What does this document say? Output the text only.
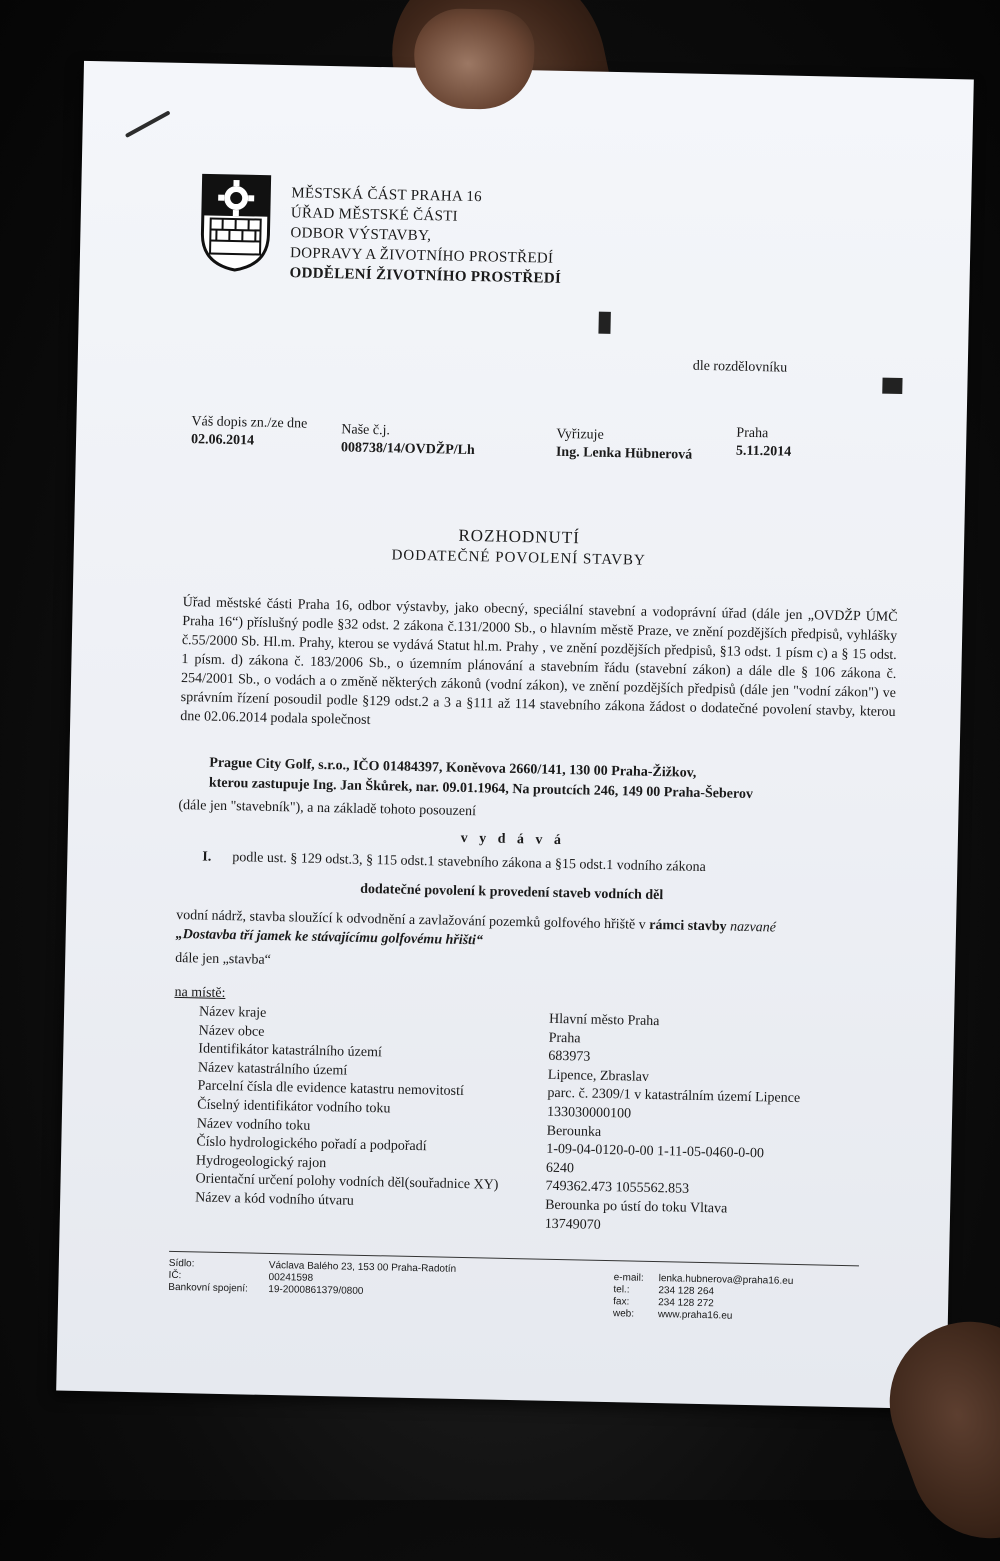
MĚSTSKÁ ČÁST PRAHA 16
ÚŘAD MĚSTSKÉ ČÁSTI
ODBOR VÝSTAVBY,
DOPRAVY A ŽIVOTNÍHO PROSTŘEDÍ
ODDĚLENÍ ŽIVOTNÍHO PROSTŘEDÍ
dle rozdělovníku
Váš dopis zn./ze dne
02.06.2014
Naše č.j.
008738/14/OVDŽP/Lh
Vyřizuje
Ing. Lenka Hübnerová
Praha
5.11.2014
ROZHODNUTÍ
DODATEČNÉ POVOLENÍ STAVBY
Úřad městské části Praha 16, odbor výstavby, jako obecný, speciální stavební a vodoprávní úřad (dále jen „OVDŽP ÚMČ Praha 16“) příslušný podle §32 odst. 2 zákona č.131/2000 Sb., o hlavním městě Praze, ve znění pozdějších předpisů, vyhlášky č.55/2000 Sb. Hl.m. Prahy, kterou se vydává Statut hl.m. Prahy , ve znění pozdějších předpisů, §13 odst. 1 písm c) a § 15 odst. 1 písm. d) zákona č. 183/2006 Sb., o územním plánování a stavebním řádu (stavební zákon) a dále dle § 106 zákona č. 254/2001 Sb., o vodách a o změně některých zákonů (vodní zákon), ve znění pozdějších předpisů (dále jen "vodní zákon") ve správním řízení posoudil podle §129 odst.2 a 3 a §111 až 114 stavebního zákona žádost o dodatečné povolení stavby, kterou dne 02.06.2014 podala společnost
Prague City Golf, s.r.o., IČO 01484397, Koněvova 2660/141, 130 00 Praha-Žižkov,
kterou zastupuje Ing. Jan Škůrek, nar. 09.01.1964, Na proutcích 246, 149 00 Praha-Šeberov
(dále jen "stavebník"), a na základě tohoto posouzení
v y d á v á
I. podle ust. § 129 odst.3, § 115 odst.1 stavebního zákona a §15 odst.1 vodního zákona
dodatečné povolení k provedení staveb vodních děl
vodní nádrž, stavba sloužící k odvodnění a zavlažování pozemků golfového hřiště v rámci stavby nazvané
„Dostavba tří jamek ke stávajícímu golfovému hřišti“
dále jen „stavba“
na místě:
Název kraje
Název obce
Identifikátor katastrálního území
Název katastrálního území
Parcelní čísla dle evidence katastru nemovitostí
Číselný identifikátor vodního toku
Název vodního toku
Číslo hydrologického pořadí a podpořadí
Hydrogeologický rajon
Orientační určení polohy vodních děl(souřadnice XY)
Název a kód vodního útvaru
Hlavní město Praha
Praha
683973
Lipence, Zbraslav
parc. č. 2309/1 v katastrálním území Lipence
133030000100
Berounka
1-09-04-0120-0-00 1-11-05-0460-0-00
6240
749362.473 1055562.853
Berounka po ústí do toku Vltava
13749070
Sídlo:
IČ:
Bankovní spojení:
Václava Balého 23, 153 00 Praha-Radotín
00241598
19-2000861379/0800
e-mail:
tel.:
fax:
web:
lenka.hubnerova@praha16.eu
234 128 264
234 128 272
www.praha16.eu
